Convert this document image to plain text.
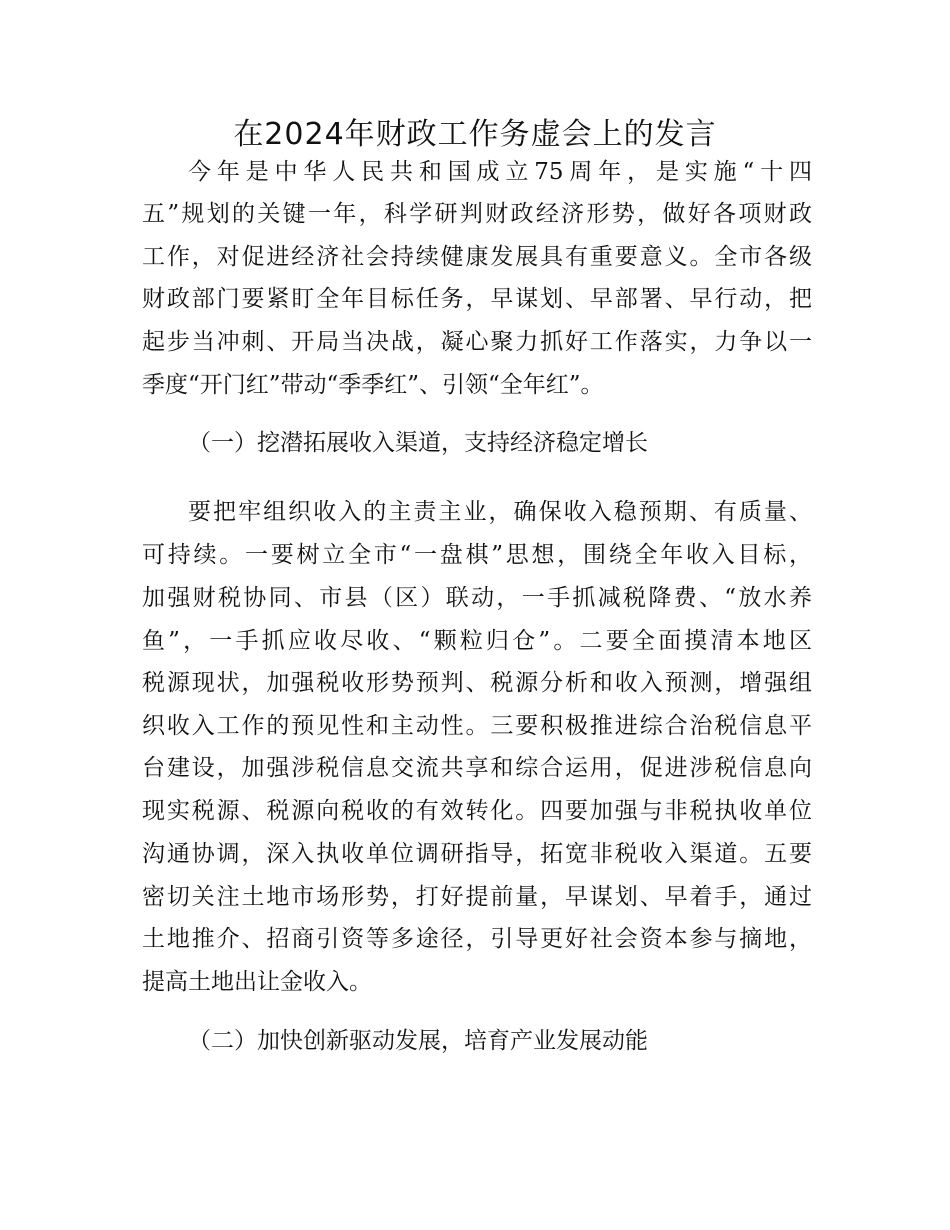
在2024年财政工作务虚会上的发言

今年是中华人民共和国成立75周年，是实施“十四

五”规划的关键一年，科学研判财政经济形势，做好各项财政

工作，对促进经济社会持续健康发展具有重要意义。全市各级

财政部门要紧盯全年目标任务，早谋划、早部署、早行动，把

起步当冲刺、开局当决战，凝心聚力抓好工作落实，力争以一

季度“开门红”带动“季季红”、引领“全年红”。

（一）挖潜拓展收入渠道，支持经济稳定增长

要把牢组织收入的主责主业，确保收入稳预期、有质量、

可持续。一要树立全市“一盘棋”思想，围绕全年收入目标，

加强财税协同、市县（区）联动，一手抓减税降费、“放水养

鱼”，一手抓应收尽收、“颗粒归仓”。二要全面摸清本地区

税源现状，加强税收形势预判、税源分析和收入预测，增强组

织收入工作的预见性和主动性。三要积极推进综合治税信息平

台建设，加强涉税信息交流共享和综合运用，促进涉税信息向

现实税源、税源向税收的有效转化。四要加强与非税执收单位

沟通协调，深入执收单位调研指导，拓宽非税收入渠道。五要

密切关注土地市场形势，打好提前量，早谋划、早着手，通过

土地推介、招商引资等多途径，引导更好社会资本参与摘地，

提高土地出让金收入。

（二）加快创新驱动发展，培育产业发展动能
